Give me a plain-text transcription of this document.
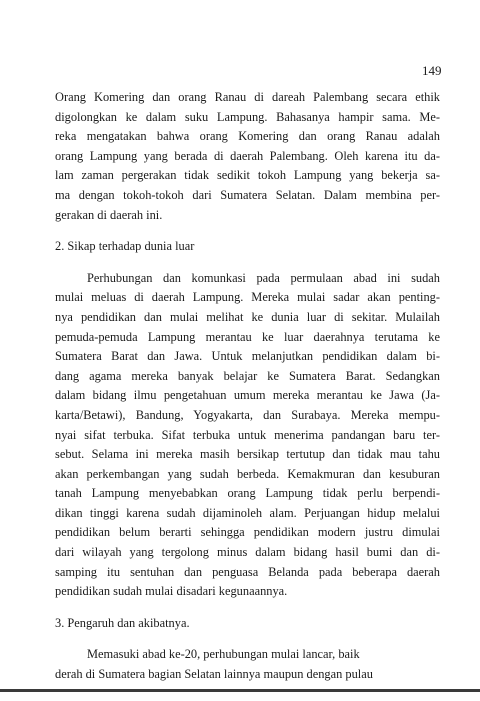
149
Orang Komering dan orang Ranau di dareah Palembang secara ethik
digolongkan ke dalam suku Lampung. Bahasanya hampir sama. Me-
reka mengatakan bahwa orang Komering dan orang Ranau adalah
orang Lampung yang berada di daerah Palembang. Oleh karena itu da-
lam zaman pergerakan tidak sedikit tokoh Lampung yang bekerja sa-
ma dengan tokoh-tokoh dari Sumatera Selatan. Dalam membina per-
gerakan di daerah ini.
2. Sikap terhadap dunia luar
Perhubungan dan komunkasi pada permulaan abad ini sudah
mulai meluas di daerah Lampung. Mereka mulai sadar akan penting-
nya pendidikan dan mulai melihat ke dunia luar di sekitar. Mulailah
pemuda-pemuda Lampung merantau ke luar daerahnya terutama ke
Sumatera Barat dan Jawa. Untuk melanjutkan pendidikan dalam bi-
dang agama mereka banyak belajar ke Sumatera Barat. Sedangkan
dalam bidang ilmu pengetahuan umum mereka merantau ke Jawa (Ja-
karta/Betawi), Bandung, Yogyakarta, dan Surabaya. Mereka mempu-
nyai sifat terbuka. Sifat terbuka untuk menerima pandangan baru ter-
sebut. Selama ini mereka masih bersikap tertutup dan tidak mau tahu
akan perkembangan yang sudah berbeda. Kemakmuran dan kesuburan
tanah Lampung menyebabkan orang Lampung tidak perlu berpendi-
dikan tinggi karena sudah dijaminoleh alam. Perjuangan hidup melalui
pendidikan belum berarti sehingga pendidikan modern justru dimulai
dari wilayah yang tergolong minus dalam bidang hasil bumi dan di-
samping itu sentuhan dan penguasa Belanda pada beberapa daerah
pendidikan sudah mulai disadari kegunaannya.
3. Pengaruh dan akibatnya.
Memasuki abad ke-20, perhubungan mulai lancar, baik
derah di Sumatera bagian Selatan lainnya maupun dengan pulau
